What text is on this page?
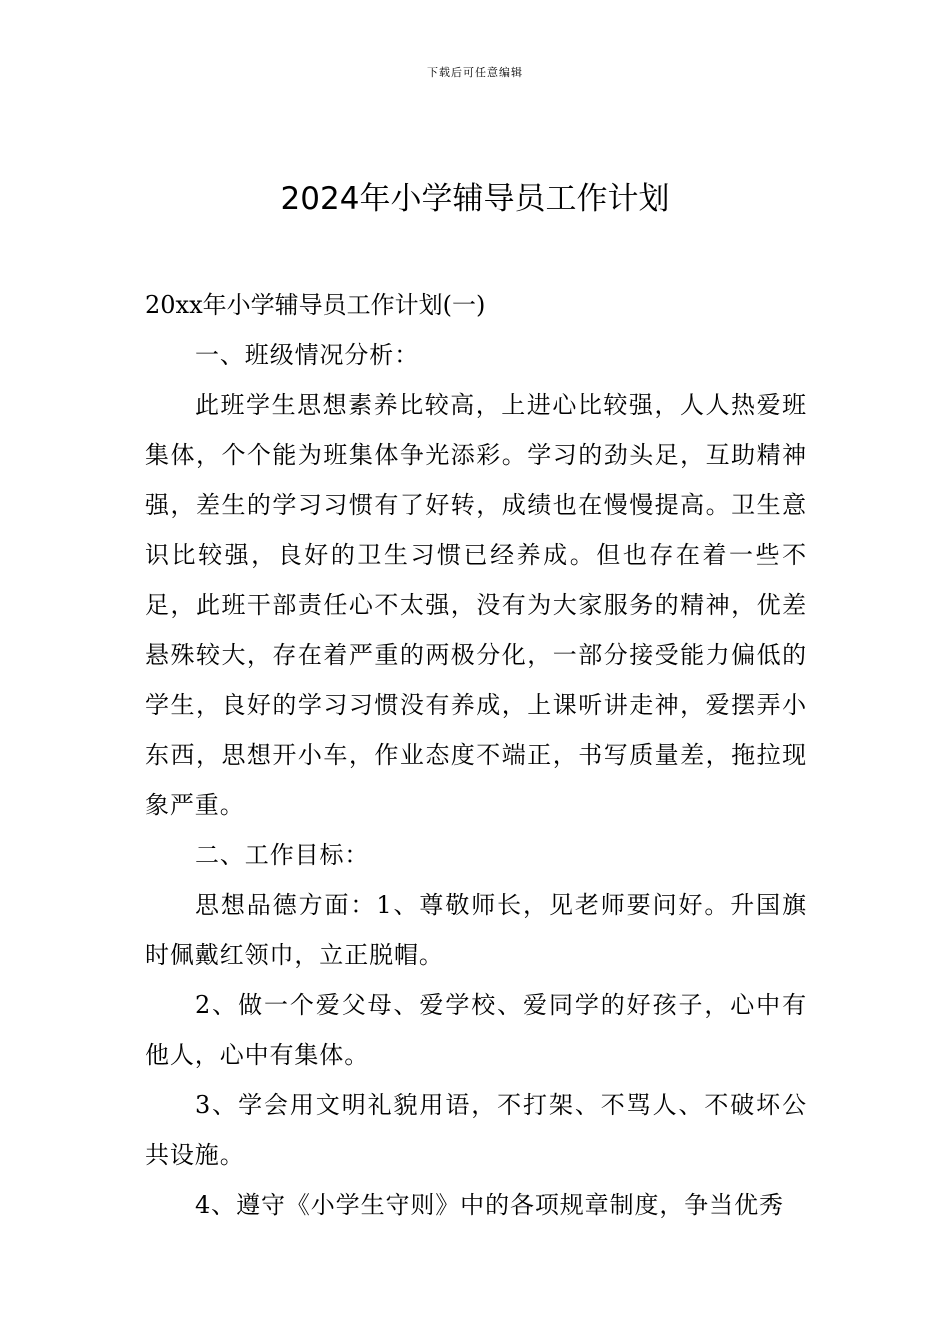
下载后可任意编辑
2024年小学辅导员工作计划

20xx年小学辅导员工作计划(一)

一、班级情况分析：

此班学生思想素养比较高，上进心比较强，人人热爱班集体，个个能为班集体争光添彩。学习的劲头足，互助精神强，差生的学习习惯有了好转，成绩也在慢慢提高。卫生意识比较强，良好的卫生习惯已经养成。但也存在着一些不足，此班干部责任心不太强，没有为大家服务的精神，优差悬殊较大，存在着严重的两极分化，一部分接受能力偏低的学生，良好的学习习惯没有养成，上课听讲走神，爱摆弄小东西，思想开小车，作业态度不端正，书写质量差，拖拉现象严重。

二、工作目标：

思想品德方面：1、尊敬师长，见老师要问好。升国旗时佩戴红领巾，立正脱帽。

2、做一个爱父母、爱学校、爱同学的好孩子，心中有他人，心中有集体。

3、学会用文明礼貌用语，不打架、不骂人、不破坏公共设施。

4、遵守《小学生守则》中的各项规章制度，争当优秀
